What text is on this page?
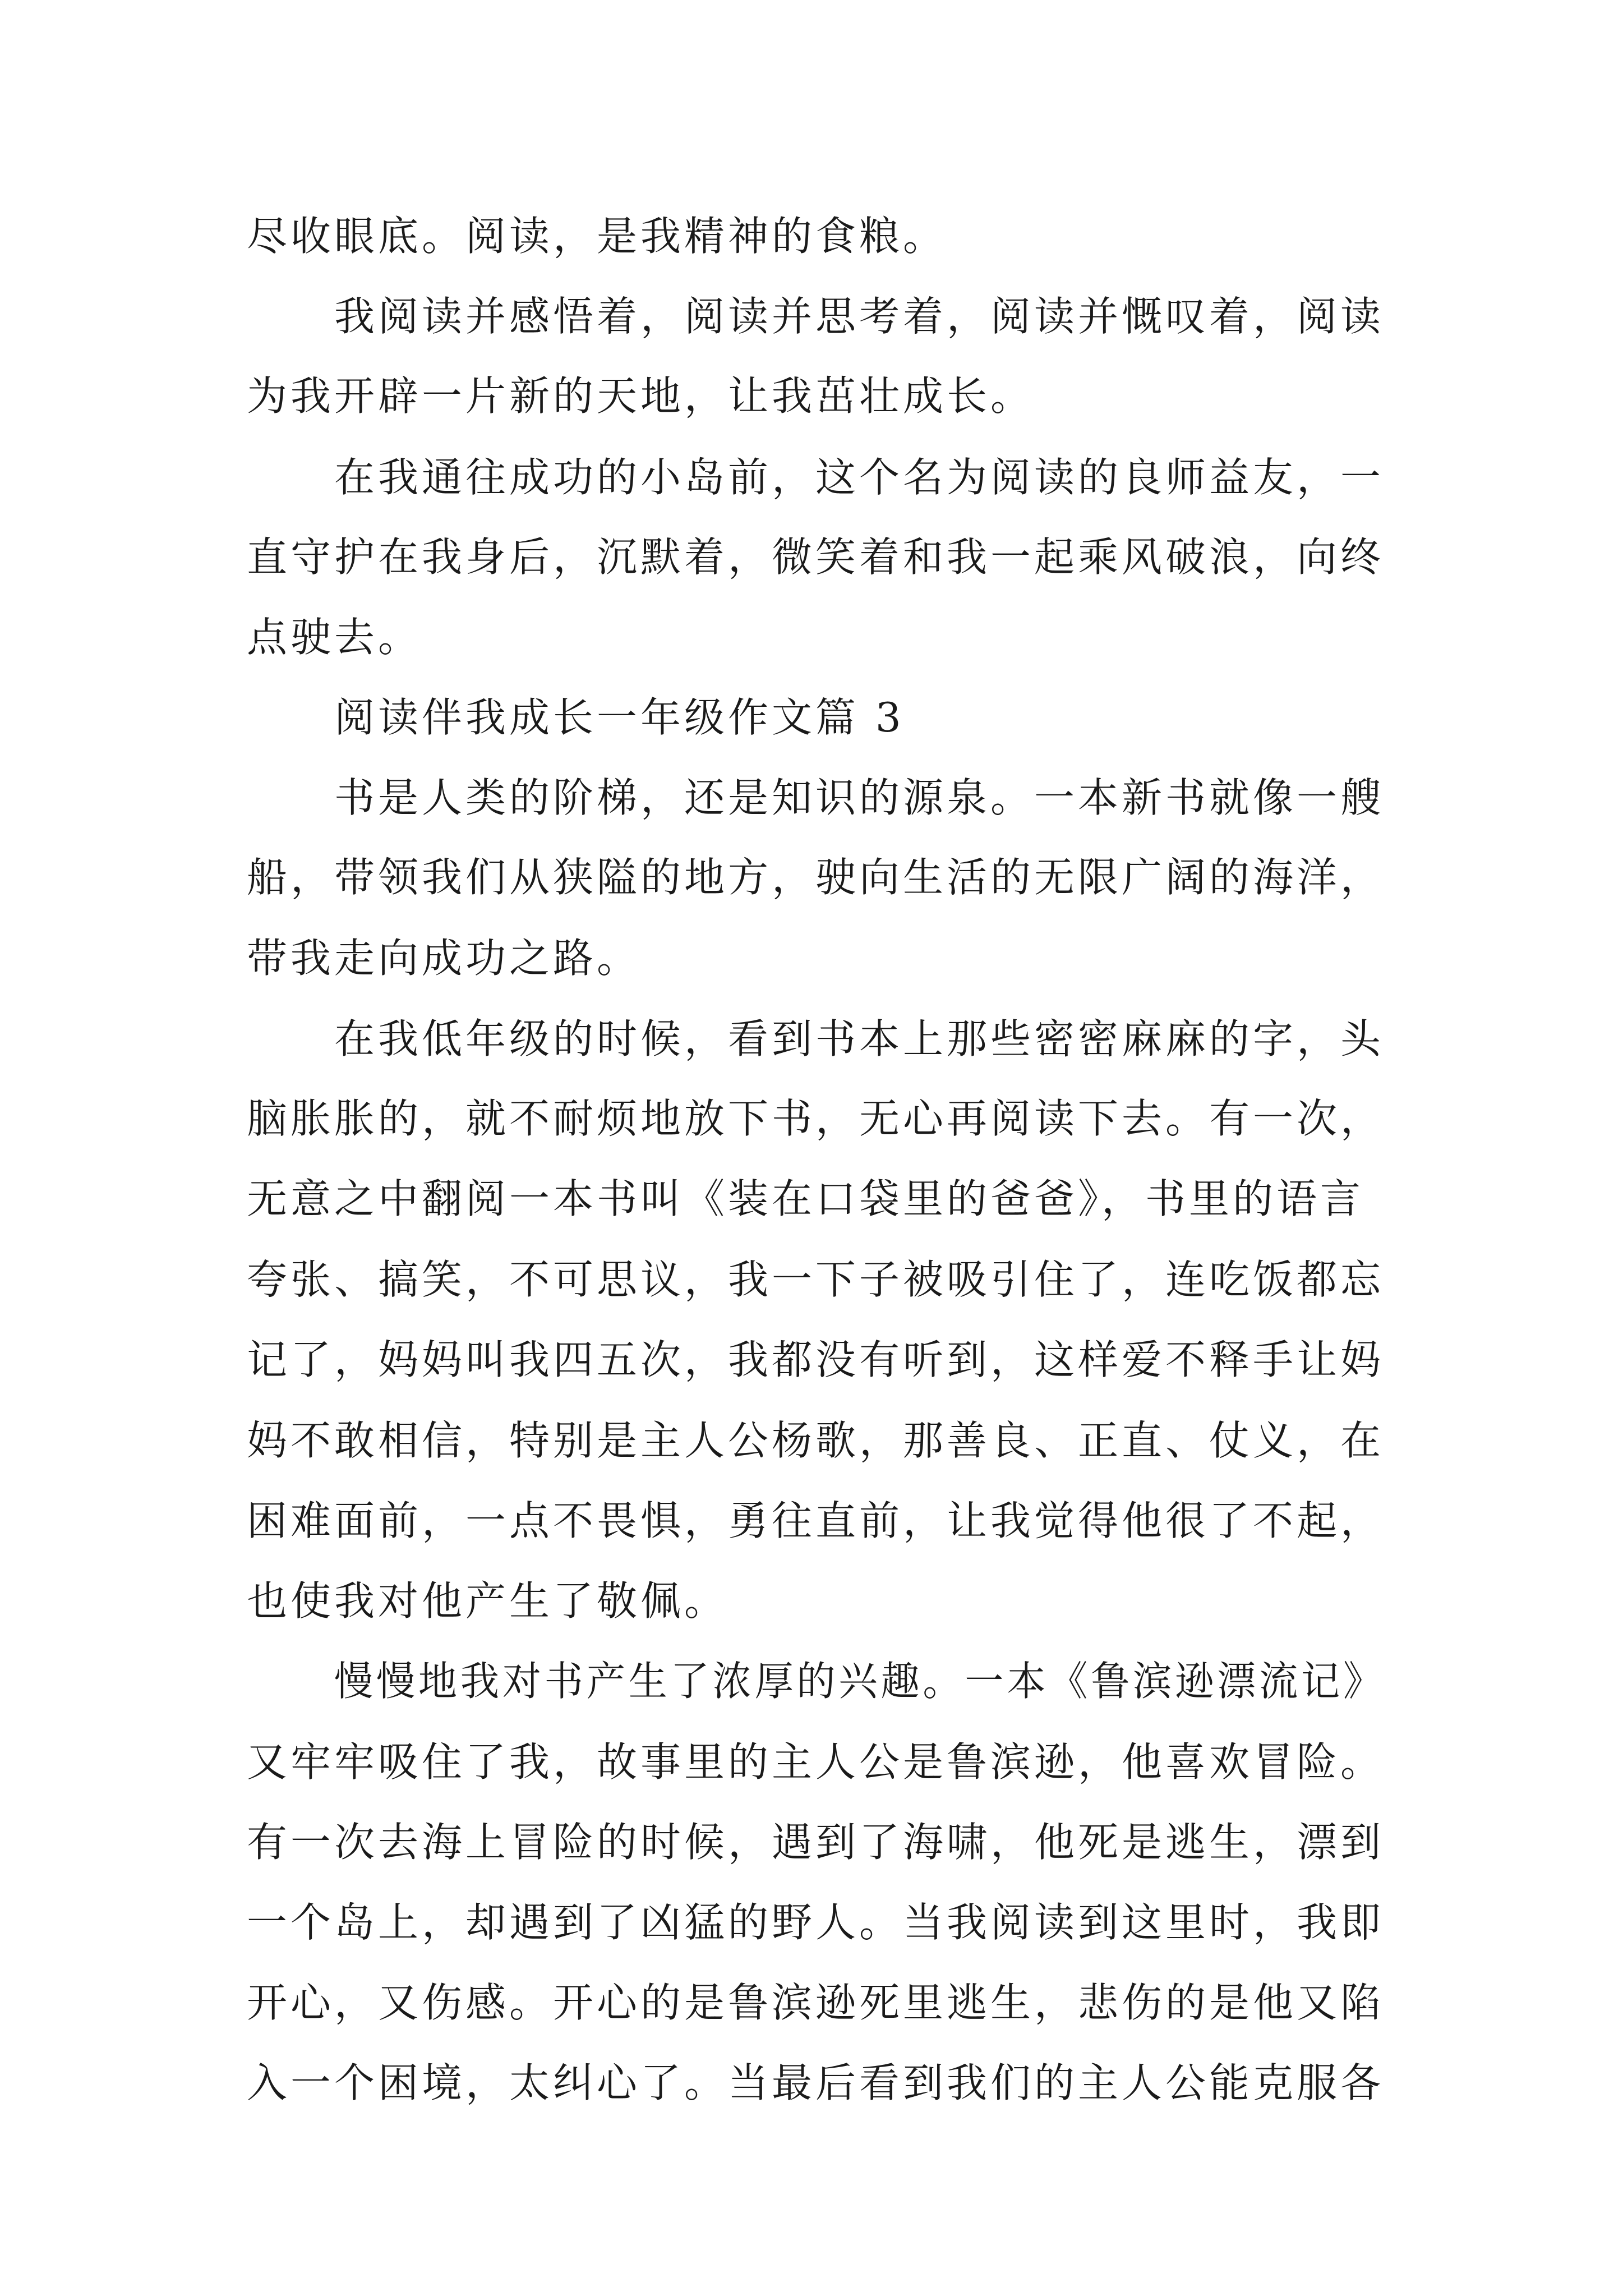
尽收眼底。阅读，是我精神的食粮。
我阅读并感悟着，阅读并思考着，阅读并慨叹着，阅读
为我开辟一片新的天地，让我茁壮成长。
在我通往成功的小岛前，这个名为阅读的良师益友，一
直守护在我身后，沉默着，微笑着和我一起乘风破浪，向终
点驶去。
阅读伴我成长一年级作文篇 3
书是人类的阶梯，还是知识的源泉。一本新书就像一艘
船，带领我们从狭隘的地方，驶向生活的无限广阔的海洋，
带我走向成功之路。
在我低年级的时候，看到书本上那些密密麻麻的字，头
脑胀胀的，就不耐烦地放下书，无心再阅读下去。有一次，
无意之中翻阅一本书叫《装在口袋里的爸爸》，书里的语言
夸张、搞笑，不可思议，我一下子被吸引住了，连吃饭都忘
记了，妈妈叫我四五次，我都没有听到，这样爱不释手让妈
妈不敢相信，特别是主人公杨歌，那善良、正直、仗义，在
困难面前，一点不畏惧，勇往直前，让我觉得他很了不起，
也使我对他产生了敬佩。
慢慢地我对书产生了浓厚的兴趣。一本《鲁滨逊漂流记》
又牢牢吸住了我，故事里的主人公是鲁滨逊，他喜欢冒险。
有一次去海上冒险的时候，遇到了海啸，他死是逃生，漂到
一个岛上，却遇到了凶猛的野人。当我阅读到这里时，我即
开心，又伤感。开心的是鲁滨逊死里逃生，悲伤的是他又陷
入一个困境，太纠心了。当最后看到我们的主人公能克服各
